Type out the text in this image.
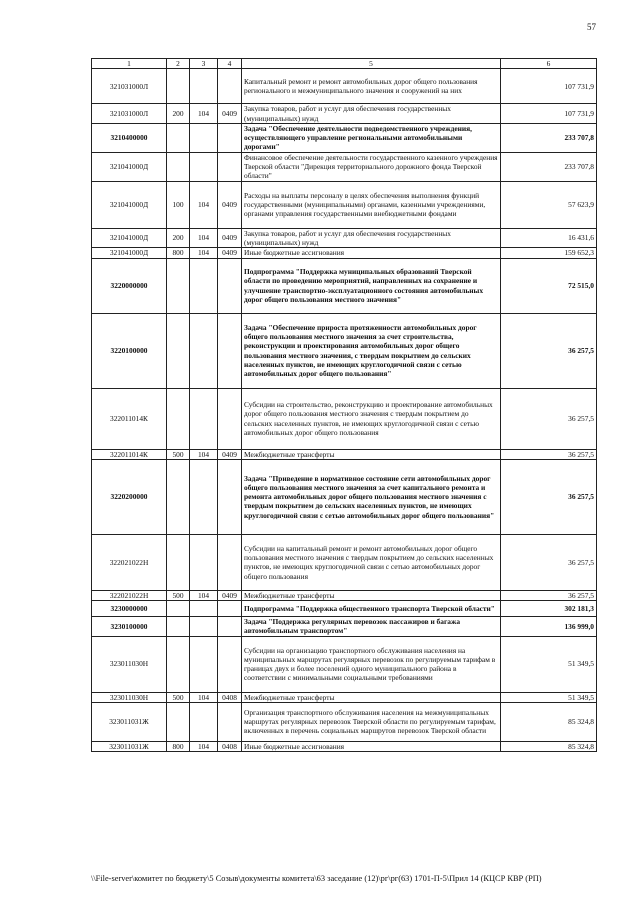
57
1	2	3	4	5	6
321031000Л				Капитальный ремонт и ремонт автомобильных дорог общего пользования регионального и межмуниципального значения и сооружений на них	107 731,9
321031000Л	200	104	0409	Закупка товаров, работ и услуг для обеспечения государственных (муниципальных) нужд	107 731,9
3210400000				Задача "Обеспечение деятельности подведомственного учреждения, осуществляющего управление региональными автомобильными дорогами"	233 707,8
321041000Д				Финансовое обеспечение деятельности государственного казенного учреждения Тверской области "Дирекция территориального дорожного фонда Тверской области"	233 707,8
321041000Д	100	104	0409	Расходы на выплаты персоналу в целях обеспечения выполнения функций государственными (муниципальными) органами, казенными учреждениями, органами управления государственными внебюджетными фондами	57 623,9
321041000Д	200	104	0409	Закупка товаров, работ и услуг для обеспечения государственных (муниципальных) нужд	16 431,6
321041000Д	800	104	0409	Иные бюджетные ассигнования	159 652,3
3220000000				Подпрограмма "Поддержка муниципальных образований Тверской области по проведению мероприятий, направленных на сохранение и улучшение транспортно-эксплуатационного состояния автомобильных дорог общего пользования местного значения"	72 515,0
3220100000				Задача "Обеспечение прироста протяженности автомобильных дорог общего пользования местного значения за счет строительства, реконструкции и проектирования автомобильных дорог общего пользования местного значения, с твердым покрытием до сельских населенных пунктов, не имеющих круглогодичной связи с сетью автомобильных дорог общего пользования"	36 257,5
322011014К				Субсидии на строительство, реконструкцию и проектирование автомобильных дорог общего пользования местного значения с твердым покрытием до сельских населенных пунктов, не имеющих круглогодичной связи с сетью автомобильных дорог общего пользования	36 257,5
322011014К	500	104	0409	Межбюджетные трансферты	36 257,5
3220200000				Задача "Приведение в нормативное состояние сети автомобильных дорог общего пользования местного значения за счет капитального ремонта и ремонта автомобильных дорог общего пользования местного значения с твердым покрытием до сельских населенных пунктов, не имеющих круглогодичной связи с сетью автомобильных дорог общего пользования"	36 257,5
322021022Н				Субсидии на капитальный ремонт и ремонт автомобильных дорог общего пользования местного значения с твердым покрытием до сельских населенных пунктов, не имеющих круглогодичной связи с сетью автомобильных дорог общего пользования	36 257,5
322021022Н	500	104	0409	Межбюджетные трансферты	36 257,5
3230000000				Подпрограмма "Поддержка общественного транспорта Тверской области"	302 181,3
3230100000				Задача "Поддержка регулярных перевозок пассажиров и багажа автомобильным транспортом"	136 999,0
323011030Н				Субсидии на организацию транспортного обслуживания населения на муниципальных маршрутах регулярных перевозок по регулируемым тарифам в границах двух и более поселений одного муниципального района в соответствии с минимальными социальными требованиями	51 349,5
323011030Н	500	104	0408	Межбюджетные трансферты	51 349,5
323011031Ж				Организация транспортного обслуживания населения на межмуниципальных маршрутах регулярных перевозок Тверской области по регулируемым тарифам, включенных в перечень социальных маршрутов перевозок Тверской области	85 324,8
323011031Ж	800	104	0408	Иные бюджетные ассигнования	85 324,8
\\File-server\комитет по бюджету\5 Созыв\документы комитета\63 заседание (12)\рг\рг(63) 1701-П-5\Прил 14 (КЦСР КВР (РП)
